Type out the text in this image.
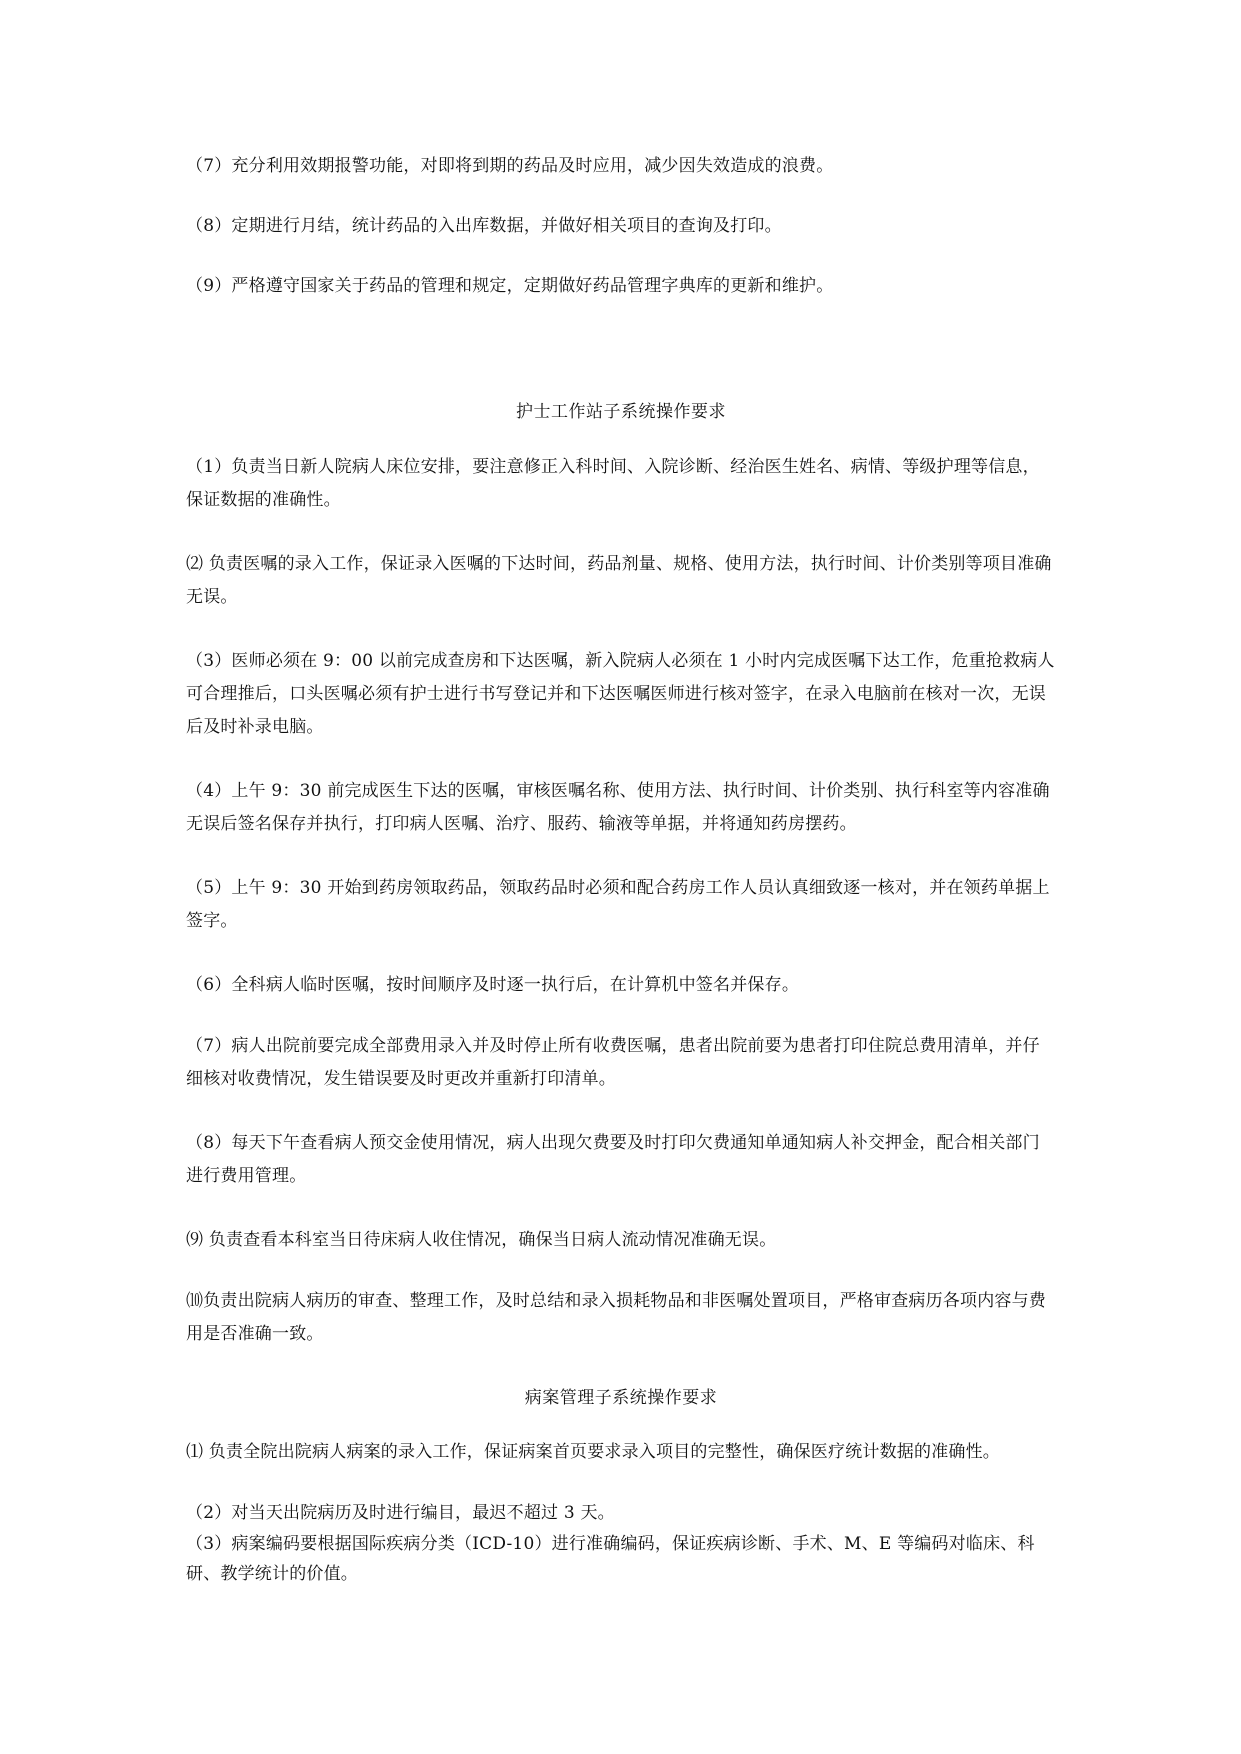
（7）充分利用效期报警功能，对即将到期的药品及时应用，减少因失效造成的浪费。
（8）定期进行月结，统计药品的入出库数据，并做好相关项目的查询及打印。
（9）严格遵守国家关于药品的管理和规定，定期做好药品管理字典库的更新和维护。
护士工作站子系统操作要求
（1）负责当日新人院病人床位安排，要注意修正入科时间、入院诊断、经治医生姓名、病情、等级护理等信息，保证数据的准确性。
⑵ 负责医嘱的录入工作，保证录入医嘱的下达时间，药品剂量、规格、使用方法，执行时间、计价类别等项目准确无误。
（3）医师必须在 9：00 以前完成查房和下达医嘱，新入院病人必须在 1 小时内完成医嘱下达工作，危重抢救病人可合理推后，口头医嘱必须有护士进行书写登记并和下达医嘱医师进行核对签字，在录入电脑前在核对一次，无误后及时补录电脑。
（4）上午 9：30 前完成医生下达的医嘱，审核医嘱名称、使用方法、执行时间、计价类别、执行科室等内容准确无误后签名保存并执行，打印病人医嘱、治疗、服药、输液等单据，并将通知药房摆药。
（5）上午 9：30 开始到药房领取药品，领取药品时必须和配合药房工作人员认真细致逐一核对，并在领药单据上签字。
（6）全科病人临时医嘱，按时间顺序及时逐一执行后，在计算机中签名并保存。
（7）病人出院前要完成全部费用录入并及时停止所有收费医嘱，患者出院前要为患者打印住院总费用清单，并仔细核对收费情况，发生错误要及时更改并重新打印清单。
（8）每天下午查看病人预交金使用情况，病人出现欠费要及时打印欠费通知单通知病人补交押金，配合相关部门进行费用管理。
⑼ 负责查看本科室当日待床病人收住情况，确保当日病人流动情况准确无误。
⑽负责出院病人病历的审查、整理工作，及时总结和录入损耗物品和非医嘱处置项目，严格审查病历各项内容与费用是否准确一致。
病案管理子系统操作要求
⑴ 负责全院出院病人病案的录入工作，保证病案首页要求录入项目的完整性，确保医疗统计数据的准确性。
（2）对当天出院病历及时进行编目，最迟不超过 3 天。
（3）病案编码要根据国际疾病分类（ICD-10）进行准确编码，保证疾病诊断、手术、M、E 等编码对临床、科研、教学统计的价值。
